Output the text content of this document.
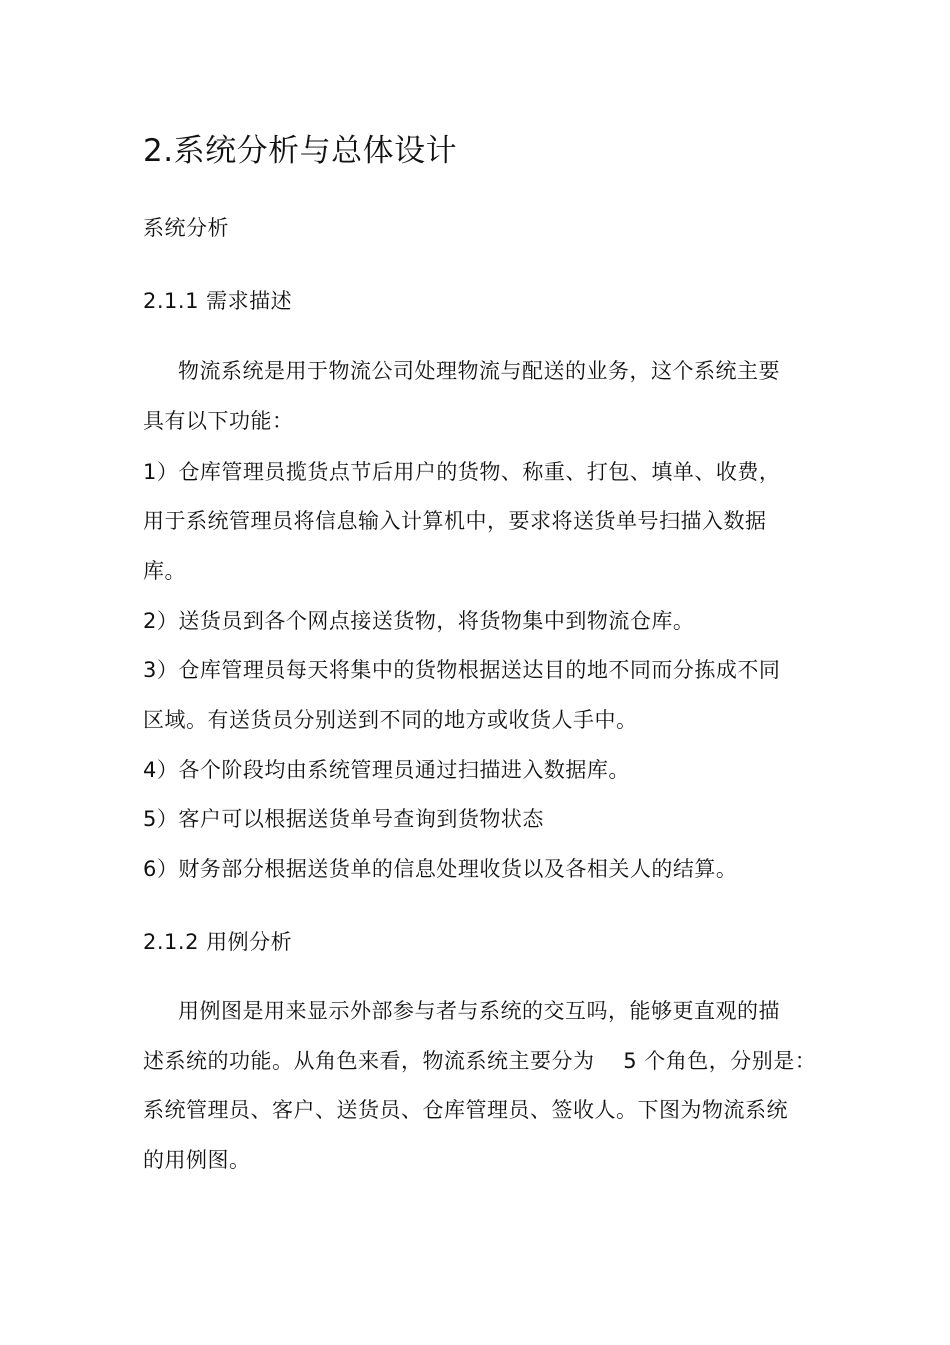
2.系统分析与总体设计
系统分析
2.1.1 需求描述
物流系统是用于物流公司处理物流与配送的业务，这个系统主要
具有以下功能：
1）仓库管理员揽货点节后用户的货物、称重、打包、填单、收费，
用于系统管理员将信息输入计算机中，要求将送货单号扫描入数据
库。
2）送货员到各个网点接送货物，将货物集中到物流仓库。
3）仓库管理员每天将集中的货物根据送达目的地不同而分拣成不同
区域。有送货员分别送到不同的地方或收货人手中。
4）各个阶段均由系统管理员通过扫描进入数据库。
5）客户可以根据送货单号查询到货物状态
6）财务部分根据送货单的信息处理收货以及各相关人的结算。
2.1.2 用例分析
用例图是用来显示外部参与者与系统的交互吗，能够更直观的描
述系统的功能。从角色来看，物流系统主要分为    5 个角色，分别是：
系统管理员、客户、送货员、仓库管理员、签收人。下图为物流系统
的用例图。
